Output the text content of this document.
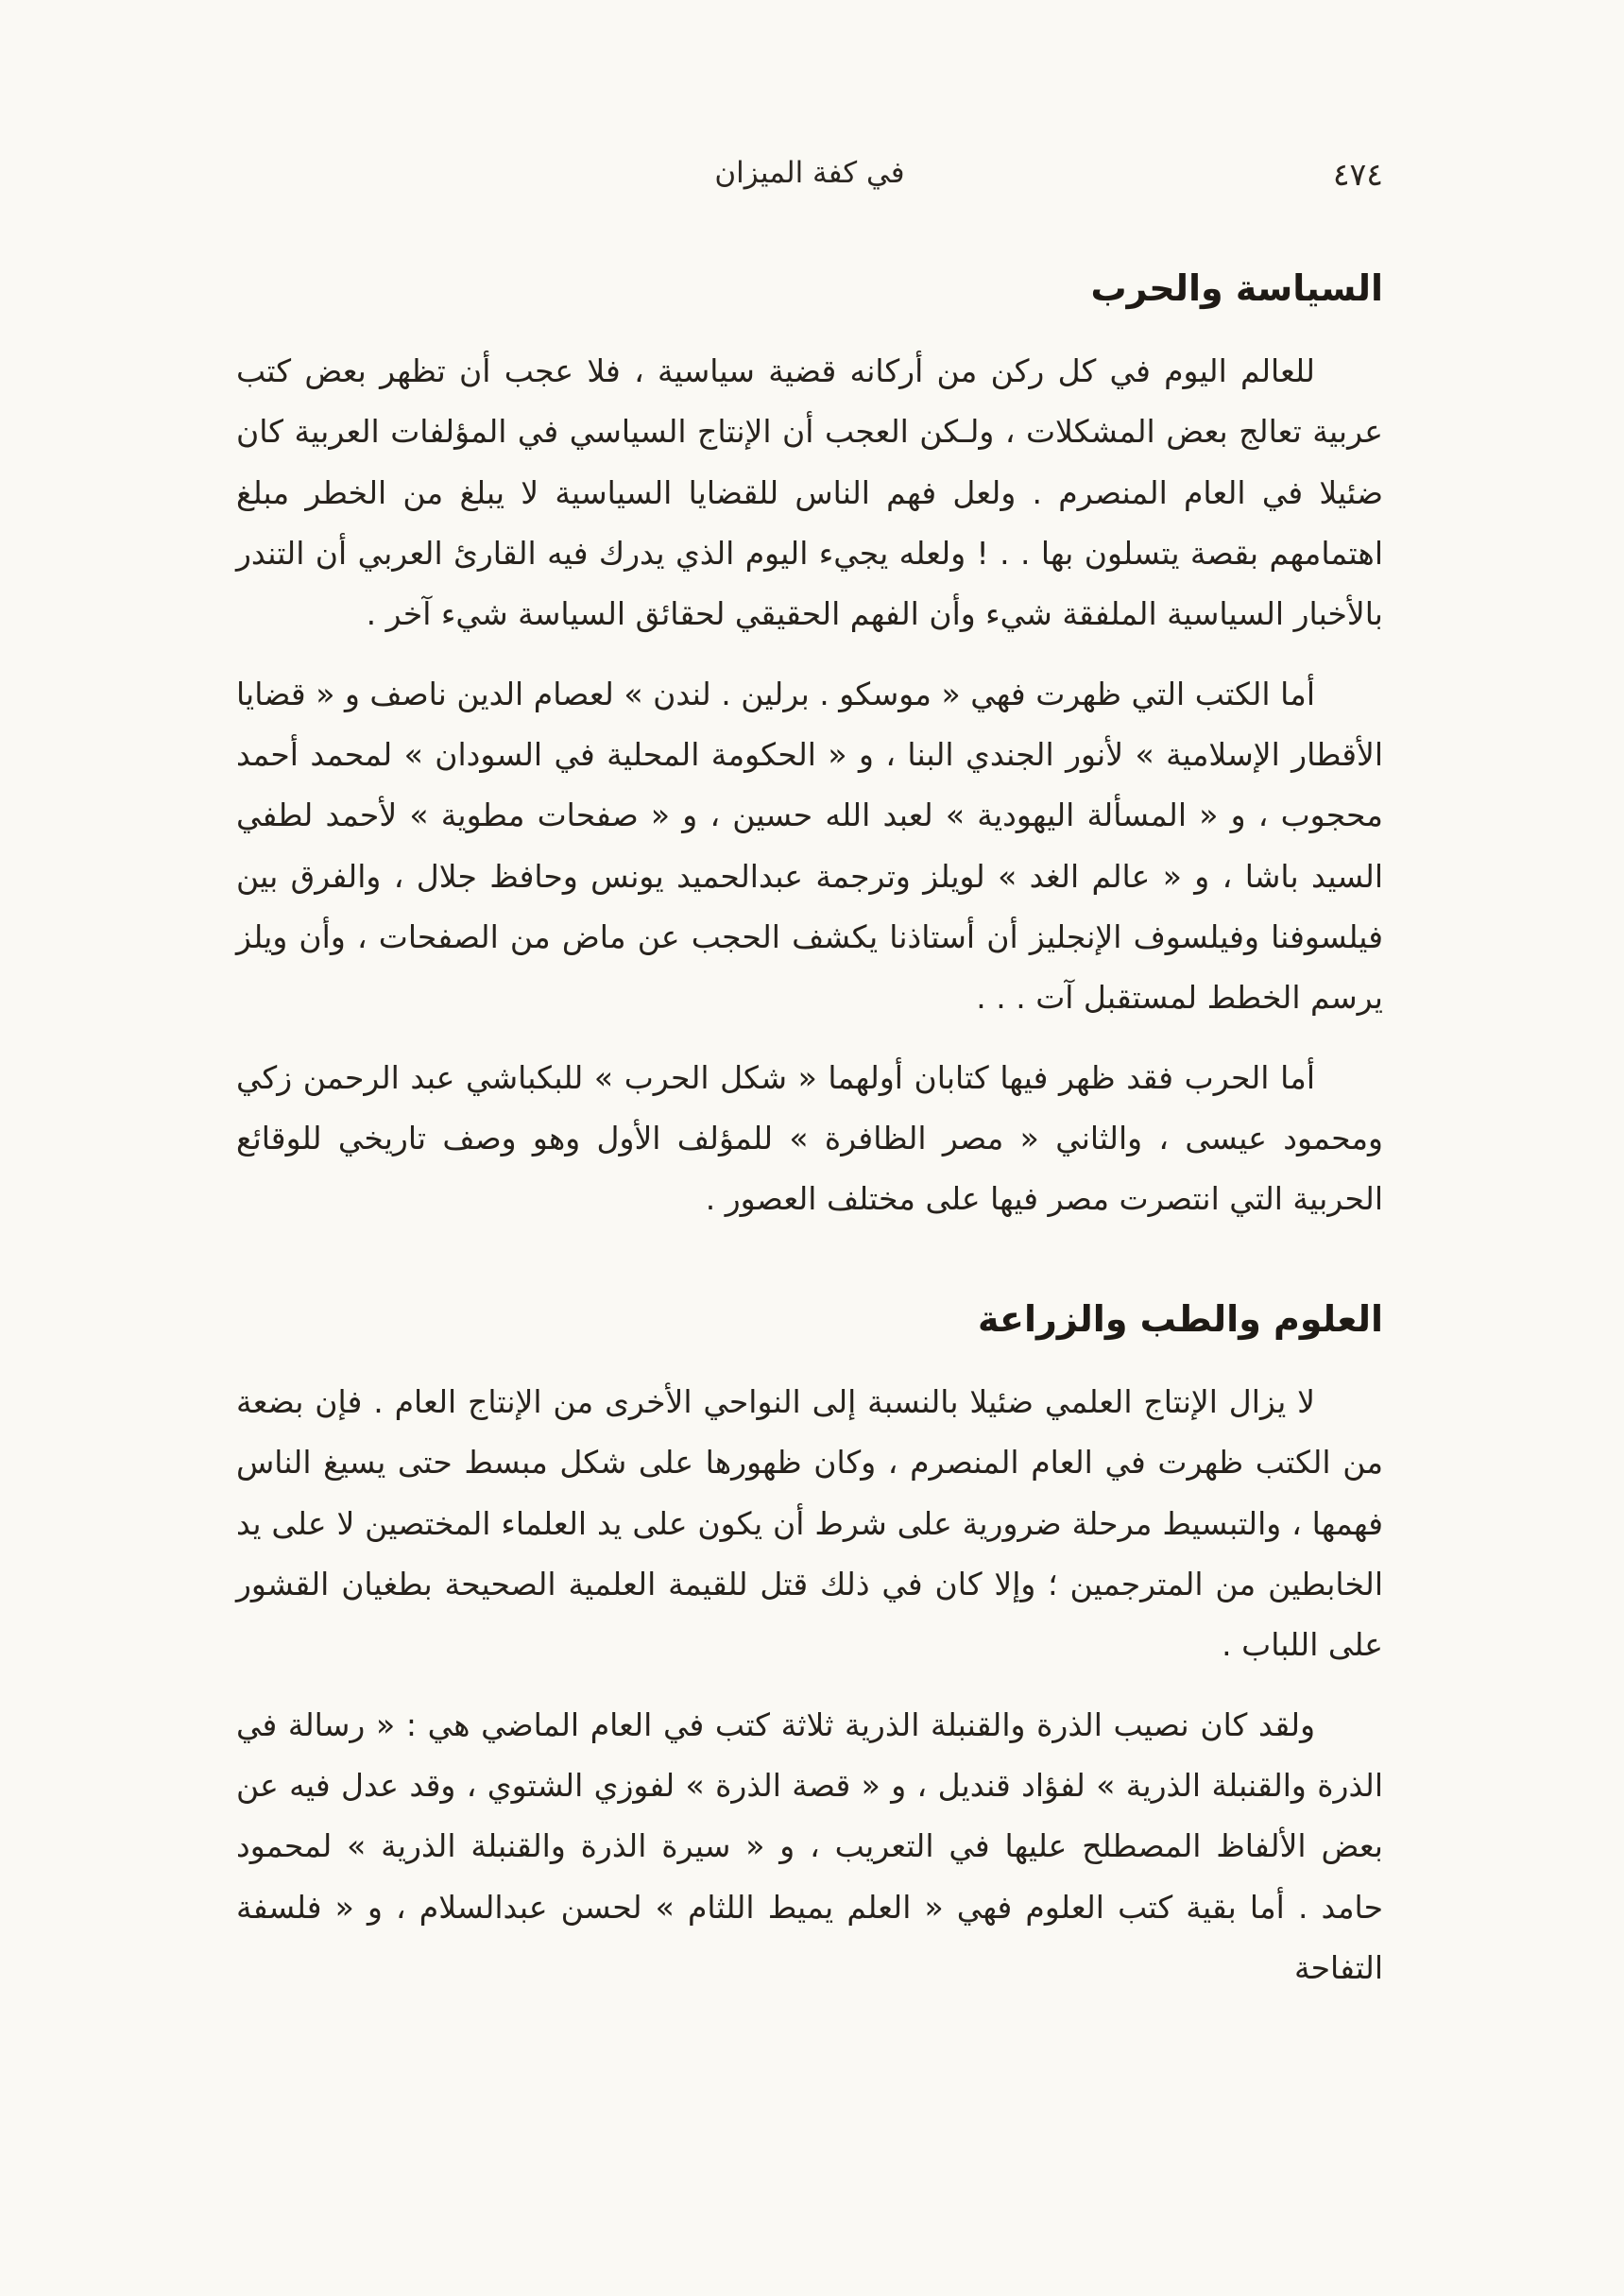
في كفة الميزان	٤٧٤
السياسة والحرب

للعالم اليوم في كل ركن من أركانه قضية سياسية ، فلا عجب أن تظهر بعض كتب عربية تعالج بعض المشكلات ، ولـكن العجب أن الإنتاج السياسي في المؤلفات العربية كان ضئيلا في العام المنصرم . ولعل فهم الناس للقضايا السياسية لا يبلغ من الخطر مبلغ اهتمامهم بقصة يتسلون بها . . ! ولعله يجيء اليوم الذي يدرك فيه القارئ العربي أن التندر بالأخبار السياسية الملفقة شيء وأن الفهم الحقيقي لحقائق السياسة شيء آخر .

أما الكتب التي ظهرت فهي « موسكو . برلين . لندن » لعصام الدين ناصف و « قضايا الأقطار الإسلامية » لأنور الجندي البنا ، و « الحكومة المحلية في السودان » لمحمد أحمد محجوب ، و « المسألة اليهودية » لعبد الله حسين ، و « صفحات مطوية » لأحمد لطفي السيد باشا ، و « عالم الغد » لويلز وترجمة عبدالحميد يونس وحافظ جلال ، والفرق بين فيلسوفنا وفيلسوف الإنجليز أن أستاذنا يكشف الحجب عن ماض من الصفحات ، وأن ويلز يرسم الخطط لمستقبل آت . . .

أما الحرب فقد ظهر فيها كتابان أولهما « شكل الحرب » للبكباشي عبد الرحمن زكي ومحمود عيسى ، والثاني « مصر الظافرة » للمؤلف الأول وهو وصف تاريخي للوقائع الحربية التي انتصرت مصر فيها على مختلف العصور .

العلوم والطب والزراعة

لا يزال الإنتاج العلمي ضئيلا بالنسبة إلى النواحي الأخرى من الإنتاج العام . فإن بضعة من الكتب ظهرت في العام المنصرم ، وكان ظهورها على شكل مبسط حتى يسيغ الناس فهمها ، والتبسيط مرحلة ضرورية على شرط أن يكون على يد العلماء المختصين لا على يد الخابطين من المترجمين ؛ وإلا كان في ذلك قتل للقيمة العلمية الصحيحة بطغيان القشور على اللباب .

ولقد كان نصيب الذرة والقنبلة الذرية ثلاثة كتب في العام الماضي هي : « رسالة في الذرة والقنبلة الذرية » لفؤاد قنديل ، و « قصة الذرة » لفوزي الشتوي ، وقد عدل فيه عن بعض الألفاظ المصطلح عليها في التعريب ، و « سيرة الذرة والقنبلة الذرية » لمحمود حامد . أما بقية كتب العلوم فهي « العلم يميط اللثام » لحسن عبدالسلام ، و « فلسفة التفاحة
